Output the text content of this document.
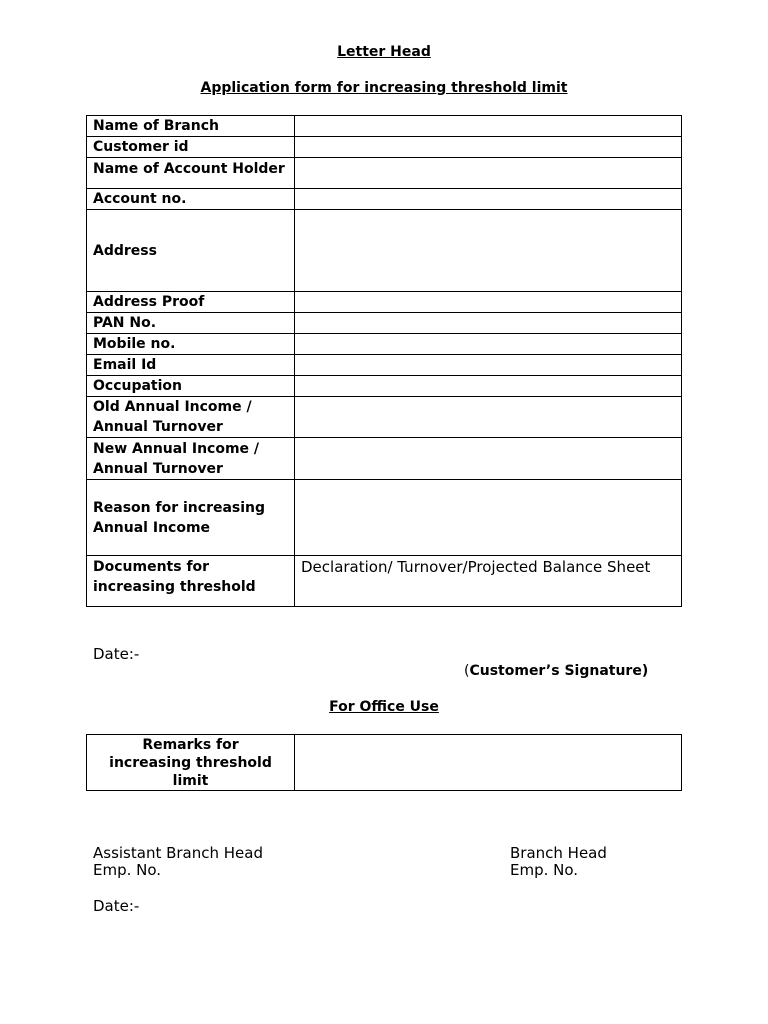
Letter Head
Application form for increasing threshold limit
Name of Branch	
Customer id	
Name of Account Holder	
Account no.	
Address	
Address Proof	
PAN No.	
Mobile no.	
Email Id	
Occupation	
Old Annual Income / Annual Turnover	
New Annual Income / Annual Turnover	
Reason for increasing Annual Income	
Documents for increasing threshold	Declaration/ Turnover/Projected Balance Sheet
Date:-
(Customer’s Signature)
For Office Use
Remarks for increasing threshold limit

Assistant Branch Head
Emp. No.
Branch Head
Emp. No.
Date:-
